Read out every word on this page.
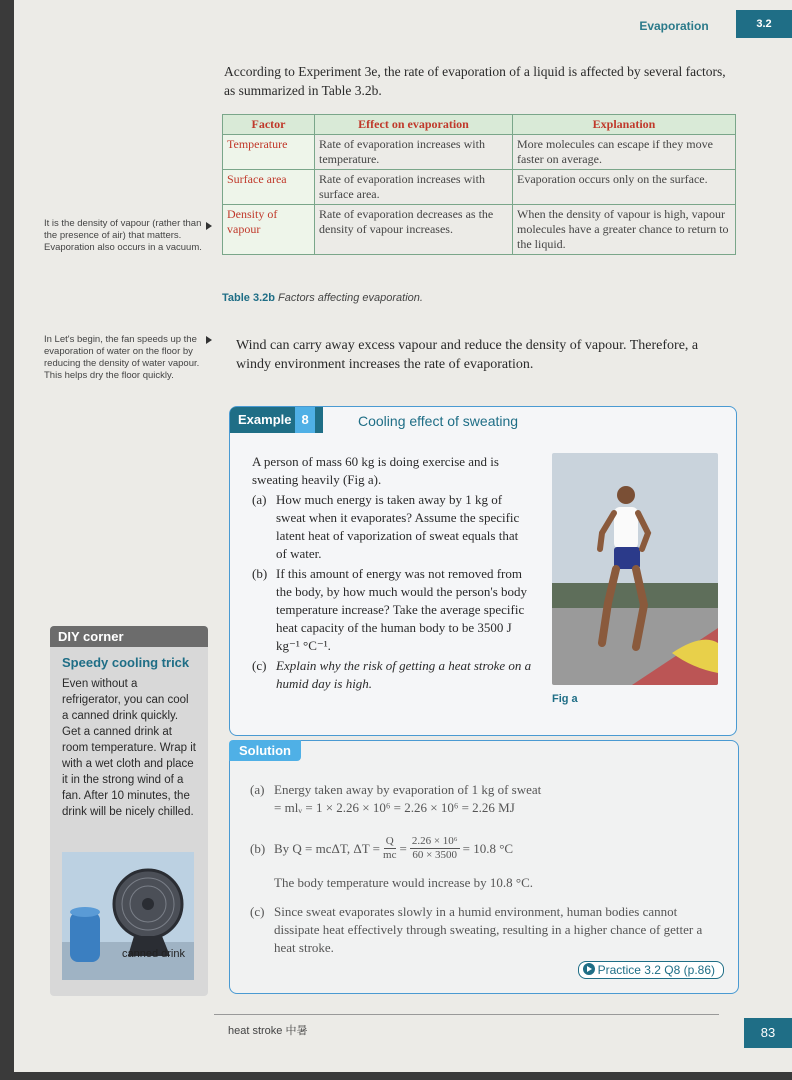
Evaporation	3.2

According to Experiment 3e, the rate of evaporation of a liquid is affected by several factors, as summarized in Table 3.2b.

It is the density of vapour (rather than the presence of air) that matters. Evaporation also occurs in a vacuum.
Factor	Effect on evaporation	Explanation
Temperature	Rate of evaporation increases with temperature.	More molecules can escape if they move faster on average.
Surface area	Rate of evaporation increases with surface area.	Evaporation occurs only on the surface.
Density of vapour	Rate of evaporation decreases as the density of vapour increases.	When the density of vapour is high, vapour molecules have a greater chance to return to the liquid.
Table 3.2b Factors affecting evaporation.
In Let's begin, the fan speeds up the evaporation of water on the floor by reducing the density of water vapour. This helps dry the floor quickly.

Wind can carry away excess vapour and reduce the density of vapour. Therefore, a windy environment increases the rate of evaporation.

Example 8	Cooling effect of sweating

A person of mass 60 kg is doing exercise and is sweating heavily (Fig a).

(a) How much energy is taken away by 1 kg of sweat when it evaporates? Assume the specific latent heat of vaporization of sweat equals that of water.
(b) If this amount of energy was not removed from the body, by how much would the person's body temperature increase? Take the average specific heat capacity of the human body to be 3500 J kg⁻¹ °C⁻¹.
(c) Explain why the risk of getting a heat stroke on a humid day is high.
Fig a
Solution
(a) Energy taken away by evaporation of 1 kg of sweat
= mlᵥ = 1 × 2.26 × 10⁶ = 2.26 × 10⁶ = 2.26 MJ
(b) By Q = mcΔT, $\Delta T = \frac{Q}{mc} = \frac{\text{2.26 × 10⁶}}{60 \times 3500} = 10.8$ °C
The body temperature would increase by 10.8 °C.
(c) Since sweat evaporates slowly in a humid environment, human bodies cannot dissipate heat effectively through sweating, resulting in a higher chance of getter a heat stroke.
Practice 3.2 Q8 (p.86)
DIY corner
Speedy cooling trick

Even without a refrigerator, you can cool a canned drink quickly. Get a canned drink at room temperature. Wrap it with a wet cloth and place it in the strong wind of a fan. After 10 minutes, the drink will be nicely chilled.

canned drink
heat stroke 中暑	83
